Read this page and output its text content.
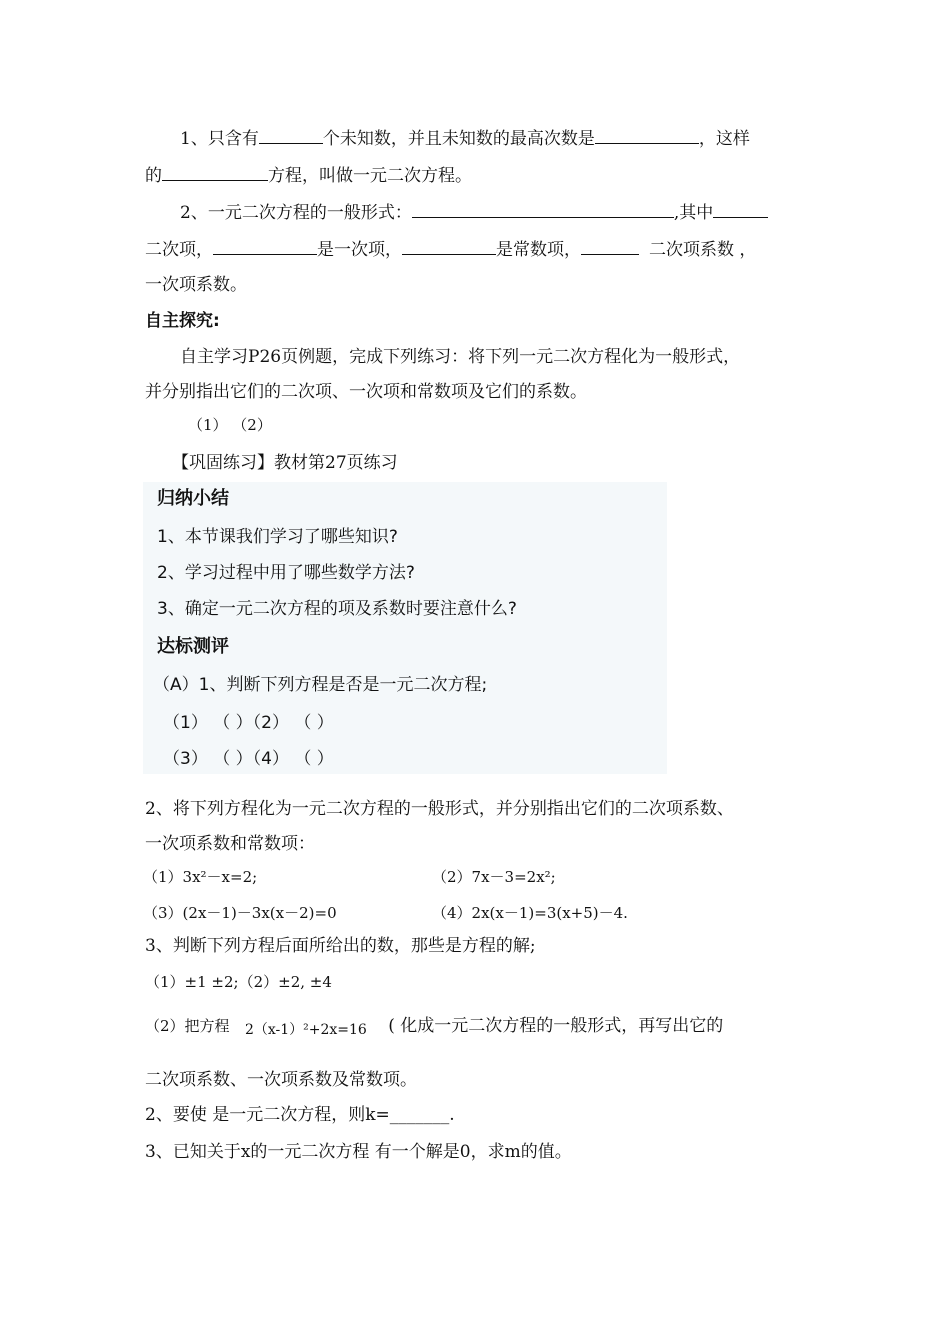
1、只含有	个未知数，并且未知数的最高次数是	，这样
的	方程，叫做一元二次方程。
2、一元二次方程的一般形式：	,其中
二次项，	是一次项，	是常数项，	二次项系数 ，
一次项系数。
自主探究:
自主学习P26页例题，完成下列练习：将下列一元二次方程化为一般形式，
并分别指出它们的二次项、一次项和常数项及它们的系数。
（1） （2）
【巩固练习】教材第27页练习
归纳小结
1、本节课我们学习了哪些知识?
2、学习过程中用了哪些数学方法?
3、确定一元二次方程的项及系数时要注意什么?
达标测评
（A）1、判断下列方程是否是一元二次方程;
（1） （ ）（2） （ ）
（3） （ ）（4） （ ）
2、将下列方程化为一元二次方程的一般形式，并分别指出它们的二次项系数、
一次项系数和常数项：
（1）3x²－x=2;	（2）7x－3=2x²;
（3）(2x－1)－3x(x－2)=0	（4）2x(x－1)=3(x+5)－4.
3、判断下列方程后面所给出的数，那些是方程的解;
（1）±1 ±2;（2）±2, ±4
（2）把方程 2（x-1）²+2x=16 ( 化成一元二次方程的一般形式，再写出它的
二次项系数、一次项系数及常数项。
2、要使 是一元二次方程，则k=_______.
3、已知关于x的一元二次方程 有一个解是0，求m的值。
